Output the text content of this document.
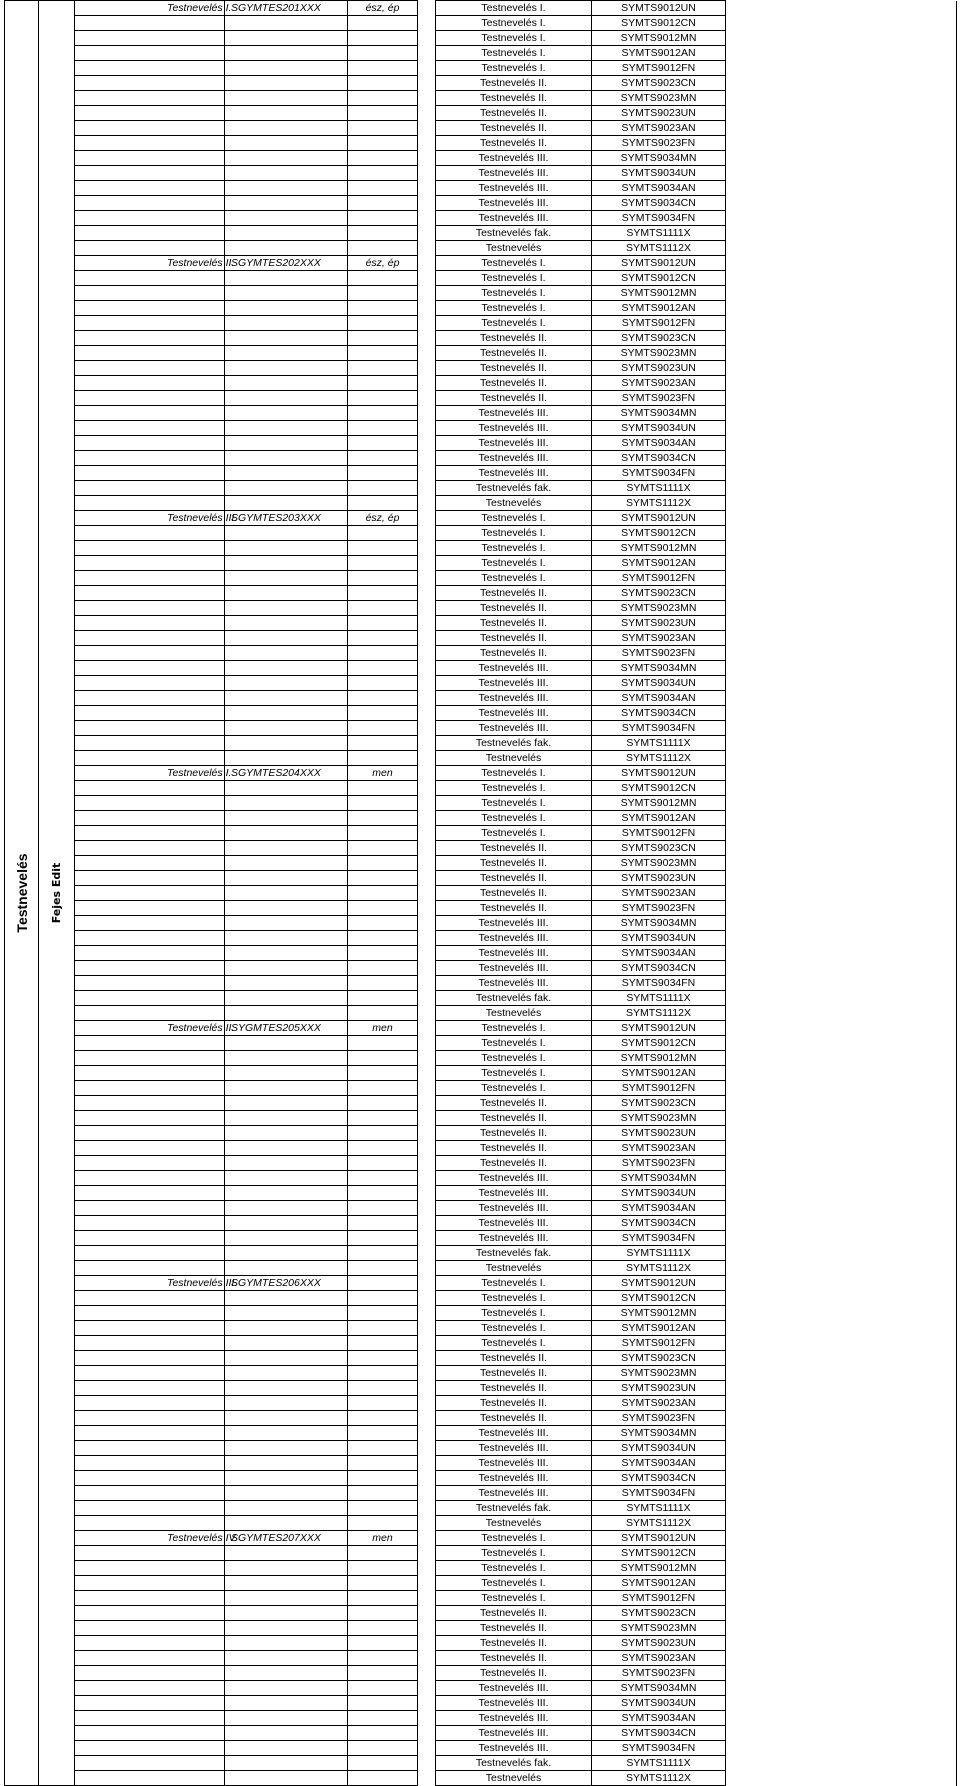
Testnevelés	Fejes Edit	Testnevelés I.	SGYMTES201XXX	ész, ép		Testnevelés I.	SYMTS9012UN	
						Testnevelés I.	SYMTS9012CN	
						Testnevelés I.	SYMTS9012MN	
						Testnevelés I.	SYMTS9012AN	
						Testnevelés I.	SYMTS9012FN	
						Testnevelés II.	SYMTS9023CN	
						Testnevelés II.	SYMTS9023MN	
						Testnevelés II.	SYMTS9023UN	
						Testnevelés II.	SYMTS9023AN	
						Testnevelés II.	SYMTS9023FN	
						Testnevelés III.	SYMTS9034MN	
						Testnevelés III.	SYMTS9034UN	
						Testnevelés III.	SYMTS9034AN	
						Testnevelés III.	SYMTS9034CN	
						Testnevelés III.	SYMTS9034FN	
						Testnevelés fak.	SYMTS1111X	
						Testnevelés	SYMTS1112X	
		Testnevelés II.	SGYMTES202XXX	ész, ép		Testnevelés I.	SYMTS9012UN	
						Testnevelés I.	SYMTS9012CN	
						Testnevelés I.	SYMTS9012MN	
						Testnevelés I.	SYMTS9012AN	
						Testnevelés I.	SYMTS9012FN	
						Testnevelés II.	SYMTS9023CN	
						Testnevelés II.	SYMTS9023MN	
						Testnevelés II.	SYMTS9023UN	
						Testnevelés II.	SYMTS9023AN	
						Testnevelés II.	SYMTS9023FN	
						Testnevelés III.	SYMTS9034MN	
						Testnevelés III.	SYMTS9034UN	
						Testnevelés III.	SYMTS9034AN	
						Testnevelés III.	SYMTS9034CN	
						Testnevelés III.	SYMTS9034FN	
						Testnevelés fak.	SYMTS1111X	
						Testnevelés	SYMTS1112X	
		Testnevelés III.	SGYMTES203XXX	ész, ép		Testnevelés I.	SYMTS9012UN	
						Testnevelés I.	SYMTS9012CN	
						Testnevelés I.	SYMTS9012MN	
						Testnevelés I.	SYMTS9012AN	
						Testnevelés I.	SYMTS9012FN	
						Testnevelés II.	SYMTS9023CN	
						Testnevelés II.	SYMTS9023MN	
						Testnevelés II.	SYMTS9023UN	
						Testnevelés II.	SYMTS9023AN	
						Testnevelés II.	SYMTS9023FN	
						Testnevelés III.	SYMTS9034MN	
						Testnevelés III.	SYMTS9034UN	
						Testnevelés III.	SYMTS9034AN	
						Testnevelés III.	SYMTS9034CN	
						Testnevelés III.	SYMTS9034FN	
						Testnevelés fak.	SYMTS1111X	
						Testnevelés	SYMTS1112X	
		Testnevelés I.	SGYMTES204XXX	men		Testnevelés I.	SYMTS9012UN	
						Testnevelés I.	SYMTS9012CN	
						Testnevelés I.	SYMTS9012MN	
						Testnevelés I.	SYMTS9012AN	
						Testnevelés I.	SYMTS9012FN	
						Testnevelés II.	SYMTS9023CN	
						Testnevelés II.	SYMTS9023MN	
						Testnevelés II.	SYMTS9023UN	
						Testnevelés II.	SYMTS9023AN	
						Testnevelés II.	SYMTS9023FN	
						Testnevelés III.	SYMTS9034MN	
						Testnevelés III.	SYMTS9034UN	
						Testnevelés III.	SYMTS9034AN	
						Testnevelés III.	SYMTS9034CN	
						Testnevelés III.	SYMTS9034FN	
						Testnevelés fak.	SYMTS1111X	
						Testnevelés	SYMTS1112X	
		Testnevelés II.	SYGMTES205XXX	men		Testnevelés I.	SYMTS9012UN	
						Testnevelés I.	SYMTS9012CN	
						Testnevelés I.	SYMTS9012MN	
						Testnevelés I.	SYMTS9012AN	
						Testnevelés I.	SYMTS9012FN	
						Testnevelés II.	SYMTS9023CN	
						Testnevelés II.	SYMTS9023MN	
						Testnevelés II.	SYMTS9023UN	
						Testnevelés II.	SYMTS9023AN	
						Testnevelés II.	SYMTS9023FN	
						Testnevelés III.	SYMTS9034MN	
						Testnevelés III.	SYMTS9034UN	
						Testnevelés III.	SYMTS9034AN	
						Testnevelés III.	SYMTS9034CN	
						Testnevelés III.	SYMTS9034FN	
						Testnevelés fak.	SYMTS1111X	
						Testnevelés	SYMTS1112X	
		Testnevelés III.	SGYMTES206XXX			Testnevelés I.	SYMTS9012UN	
						Testnevelés I.	SYMTS9012CN	
						Testnevelés I.	SYMTS9012MN	
						Testnevelés I.	SYMTS9012AN	
						Testnevelés I.	SYMTS9012FN	
						Testnevelés II.	SYMTS9023CN	
						Testnevelés II.	SYMTS9023MN	
						Testnevelés II.	SYMTS9023UN	
						Testnevelés II.	SYMTS9023AN	
						Testnevelés II.	SYMTS9023FN	
						Testnevelés III.	SYMTS9034MN	
						Testnevelés III.	SYMTS9034UN	
						Testnevelés III.	SYMTS9034AN	
						Testnevelés III.	SYMTS9034CN	
						Testnevelés III.	SYMTS9034FN	
						Testnevelés fak.	SYMTS1111X	
						Testnevelés	SYMTS1112X	
		Testnevelés IV.	SGYMTES207XXX	men		Testnevelés I.	SYMTS9012UN	
						Testnevelés I.	SYMTS9012CN	
						Testnevelés I.	SYMTS9012MN	
						Testnevelés I.	SYMTS9012AN	
						Testnevelés I.	SYMTS9012FN	
						Testnevelés II.	SYMTS9023CN	
						Testnevelés II.	SYMTS9023MN	
						Testnevelés II.	SYMTS9023UN	
						Testnevelés II.	SYMTS9023AN	
						Testnevelés II.	SYMTS9023FN	
						Testnevelés III.	SYMTS9034MN	
						Testnevelés III.	SYMTS9034UN	
						Testnevelés III.	SYMTS9034AN	
						Testnevelés III.	SYMTS9034CN	
						Testnevelés III.	SYMTS9034FN	
						Testnevelés fak.	SYMTS1111X	
						Testnevelés	SYMTS1112X	
